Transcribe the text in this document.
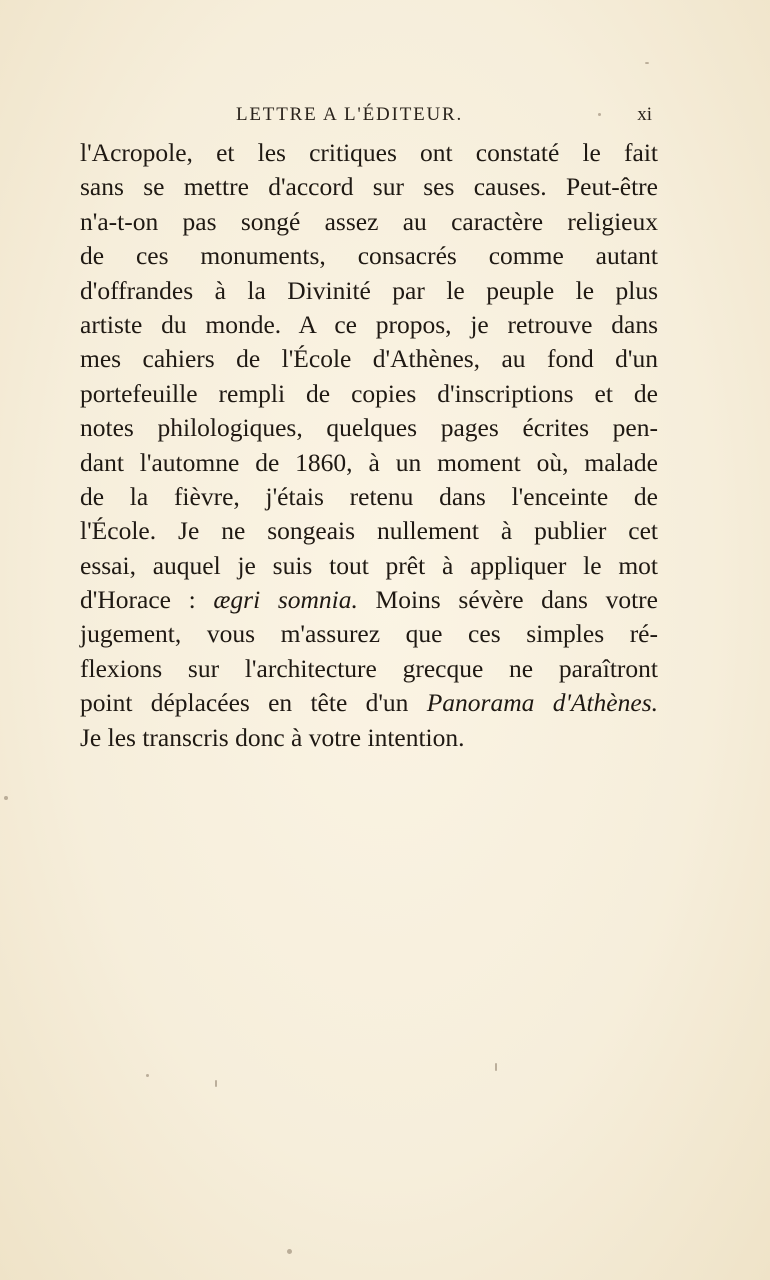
LETTRE A L'ÉDITEUR.	xi
l'Acropole, et les critiques ont constaté le fait
sans se mettre d'accord sur ses causes. Peut-être
n'a-t-on pas songé assez au caractère religieux
de ces monuments, consacrés comme autant
d'offrandes à la Divinité par le peuple le plus
artiste du monde. A ce propos, je retrouve dans
mes cahiers de l'École d'Athènes, au fond d'un
portefeuille rempli de copies d'inscriptions et de
notes philologiques, quelques pages écrites pen-
dant l'automne de 1860, à un moment où, malade
de la fièvre, j'étais retenu dans l'enceinte de
l'École. Je ne songeais nullement à publier cet
essai, auquel je suis tout prêt à appliquer le mot
d'Horace : ægri somnia. Moins sévère dans votre
jugement, vous m'assurez que ces simples ré-
flexions sur l'architecture grecque ne paraîtront
point déplacées en tête d'un Panorama d'Athènes.
Je les transcris donc à votre intention.
